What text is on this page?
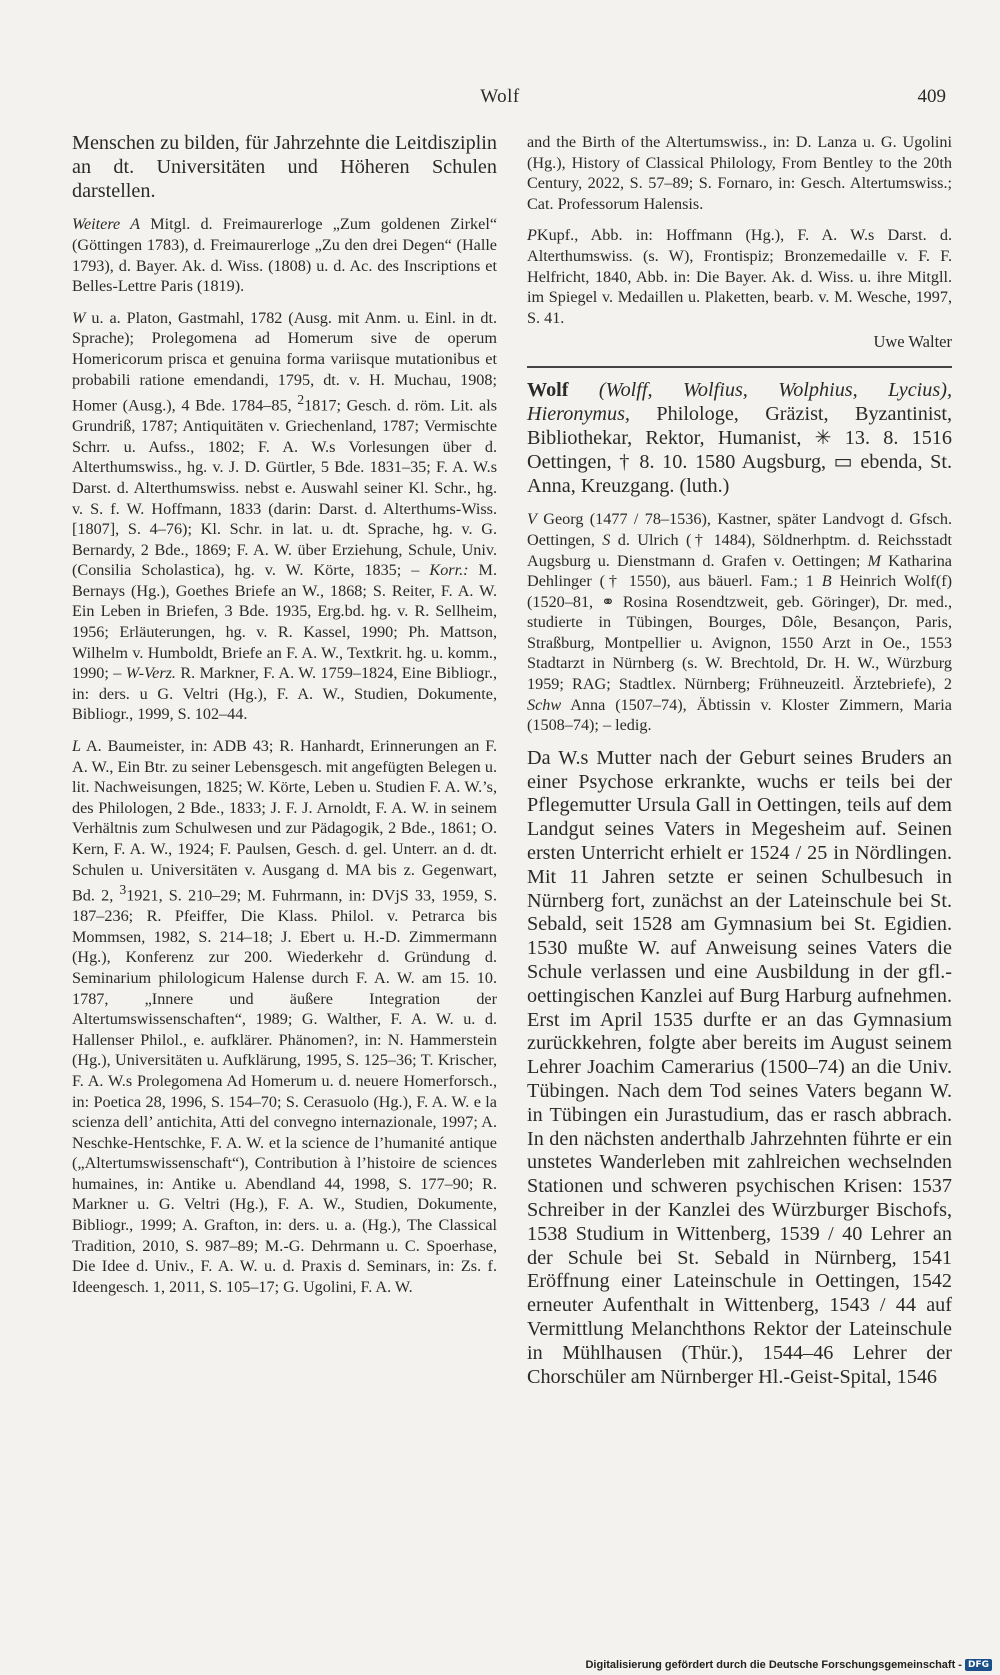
Wolf	409

Menschen zu bilden, für Jahrzehnte die Leitdisziplin an dt. Universitäten und Höheren Schulen darstellen.

Weitere A Mitgl. d. Freimaurerloge „Zum goldenen Zirkel“ (Göttingen 1783), d. Freimaurerloge „Zu den drei Degen“ (Halle 1793), d. Bayer. Ak. d. Wiss. (1808) u. d. Ac. des Inscriptions et Belles-Lettre Paris (1819).

W u. a. Platon, Gastmahl, 1782 (Ausg. mit Anm. u. Einl. in dt. Sprache); Prolegomena ad Homerum sive de operum Homericorum prisca et genuina forma variisque mutationibus et probabili ratione emendandi, 1795, dt. v. H. Muchau, 1908; Homer (Ausg.), 4 Bde. 1784–85, $^2$1817; Gesch. d. röm. Lit. als Grundriß, 1787; Antiquitäten v. Griechenland, 1787; Vermischte Schrr. u. Aufss., 1802; F. A. W.s Vorlesungen über d. Alterthumswiss., hg. v. J. D. Gürtler, 5 Bde. 1831–35; F. A. W.s Darst. d. Alterthumswiss. nebst e. Auswahl seiner Kl. Schr., hg. v. S. f. W. Hoffmann, 1833 (darin: Darst. d. Alterthums-Wiss. [1807], S. 4–76); Kl. Schr. in lat. u. dt. Sprache, hg. v. G. Bernardy, 2 Bde., 1869; F. A. W. über Erziehung, Schule, Univ. (Consilia Scholastica), hg. v. W. Körte, 1835; – Korr.: M. Bernays (Hg.), Goethes Briefe an W., 1868; S. Reiter, F. A. W. Ein Leben in Briefen, 3 Bde. 1935, Erg.bd. hg. v. R. Sellheim, 1956; Erläuterungen, hg. v. R. Kassel, 1990; Ph. Mattson, Wilhelm v. Humboldt, Briefe an F. A. W., Textkrit. hg. u. komm., 1990; – W-Verz. R. Markner, F. A. W. 1759–1824, Eine Bibliogr., in: ders. u G. Veltri (Hg.), F. A. W., Studien, Dokumente, Bibliogr., 1999, S. 102–44.

L A. Baumeister, in: ADB 43; R. Hanhardt, Erinnerungen an F. A. W., Ein Btr. zu seiner Lebensgesch. mit angefügten Belegen u. lit. Nachweisungen, 1825; W. Körte, Leben u. Studien F. A. W.’s, des Philologen, 2 Bde., 1833; J. F. J. Arnoldt, F. A. W. in seinem Verhältnis zum Schulwesen und zur Pädagogik, 2 Bde., 1861; O. Kern, F. A. W., 1924; F. Paulsen, Gesch. d. gel. Unterr. an d. dt. Schulen u. Universitäten v. Ausgang d. MA bis z. Gegenwart, Bd. 2, $^3$1921, S. 210–29; M. Fuhrmann, in: DVjS 33, 1959, S. 187–236; R. Pfeiffer, Die Klass. Philol. v. Petrarca bis Mommsen, 1982, S. 214–18; J. Ebert u. H.-D. Zimmermann (Hg.), Konferenz zur 200. Wiederkehr d. Gründung d. Seminarium philologicum Halense durch F. A. W. am 15. 10. 1787, „Innere und äußere Integration der Altertumswissenschaften“, 1989; G. Walther, F. A. W. u. d. Hallenser Philol., e. aufklärer. Phänomen?, in: N. Hammerstein (Hg.), Universitäten u. Aufklärung, 1995, S. 125–36; T. Krischer, F. A. W.s Prolegomena Ad Homerum u. d. neuere Homerforsch., in: Poetica 28, 1996, S. 154–70; S. Cerasuolo (Hg.), F. A. W. e la scienza dell’ antichita, Atti del convegno internazionale, 1997; A. Neschke-Hentschke, F. A. W. et la science de l’humanité antique („Altertumswissenschaft“), Contribution à l’histoire de sciences humaines, in: Antike u. Abendland 44, 1998, S. 177–90; R. Markner u. G. Veltri (Hg.), F. A. W., Studien, Dokumente, Bibliogr., 1999; A. Grafton, in: ders. u. a. (Hg.), The Classical Tradition, 2010, S. 987–89; M.-G. Dehrmann u. C. Spoerhase, Die Idee d. Univ., F. A. W. u. d. Praxis d. Seminars, in: Zs. f. Ideengesch. 1, 2011, S. 105–17; G. Ugolini, F. A. W.

and the Birth of the Altertumswiss., in: D. Lanza u. G. Ugolini (Hg.), History of Classical Philology, From Bentley to the 20th Century, 2022, S. 57–89; S. Fornaro, in: Gesch. Altertumswiss.; Cat. Professorum Halensis.

PKupf., Abb. in: Hoffmann (Hg.), F. A. W.s Darst. d. Alterthumswiss. (s. W), Frontispiz; Bronzemedaille v. F. F. Helfricht, 1840, Abb. in: Die Bayer. Ak. d. Wiss. u. ihre Mitgll. im Spiegel v. Medaillen u. Plaketten, bearb. v. M. Wesche, 1997, S. 41.

Uwe Walter

Wolf (Wolff, Wolfius, Wolphius, Lycius), Hieronymus, Philologe, Gräzist, Byzantinist, Bibliothekar, Rektor, Humanist, ✳ 13. 8. 1516 Oettingen, † 8. 10. 1580 Augsburg, ▭ ebenda, St. Anna, Kreuzgang. (luth.)

V Georg (1477 / 78–1536), Kastner, später Landvogt d. Gfsch. Oettingen, S d. Ulrich († 1484), Söldnerhptm. d. Reichsstadt Augsburg u. Dienstmann d. Grafen v. Oettingen; M Katharina Dehlinger († 1550), aus bäuerl. Fam.; 1 B Heinrich Wolf(f) (1520–81, ⚭ Rosina Rosendtzweit, geb. Göringer), Dr. med., studierte in Tübingen, Bourges, Dôle, Besançon, Paris, Straßburg, Montpellier u. Avignon, 1550 Arzt in Oe., 1553 Stadtarzt in Nürnberg (s. W. Brechtold, Dr. H. W., Würzburg 1959; RAG; Stadtlex. Nürnberg; Frühneuzeitl. Ärztebriefe), 2 Schw Anna (1507–74), Äbtissin v. Kloster Zimmern, Maria (1508–74); – ledig.

Da W.s Mutter nach der Geburt seines Bruders an einer Psychose erkrankte, wuchs er teils bei der Pflegemutter Ursula Gall in Oettingen, teils auf dem Landgut seines Vaters in Megesheim auf. Seinen ersten Unterricht erhielt er 1524 / 25 in Nördlingen. Mit 11 Jahren setzte er seinen Schulbesuch in Nürnberg fort, zunächst an der Lateinschule bei St. Sebald, seit 1528 am Gymnasium bei St. Egidien. 1530 mußte W. auf Anweisung seines Vaters die Schule verlassen und eine Ausbildung in der gfl.-oettingischen Kanzlei auf Burg Harburg aufnehmen. Erst im April 1535 durfte er an das Gymnasium zurückkehren, folgte aber bereits im August seinem Lehrer Joachim Camerarius (1500–74) an die Univ. Tübingen. Nach dem Tod seines Vaters begann W. in Tübingen ein Jurastudium, das er rasch abbrach. In den nächsten anderthalb Jahrzehnten führte er ein unstetes Wanderleben mit zahlreichen wechselnden Stationen und schweren psychischen Krisen: 1537 Schreiber in der Kanzlei des Würzburger Bischofs, 1538 Studium in Wittenberg, 1539 / 40 Lehrer an der Schule bei St. Sebald in Nürnberg, 1541 Eröffnung einer Lateinschule in Oettingen, 1542 erneuter Aufenthalt in Wittenberg, 1543 / 44 auf Vermittlung Melanchthons Rektor der Lateinschule in Mühlhausen (Thür.), 1544–46 Lehrer der Chorschüler am Nürnberger Hl.-Geist-Spital, 1546

Digitalisierung gefördert durch die Deutsche Forschungsgemeinschaft - DFG
